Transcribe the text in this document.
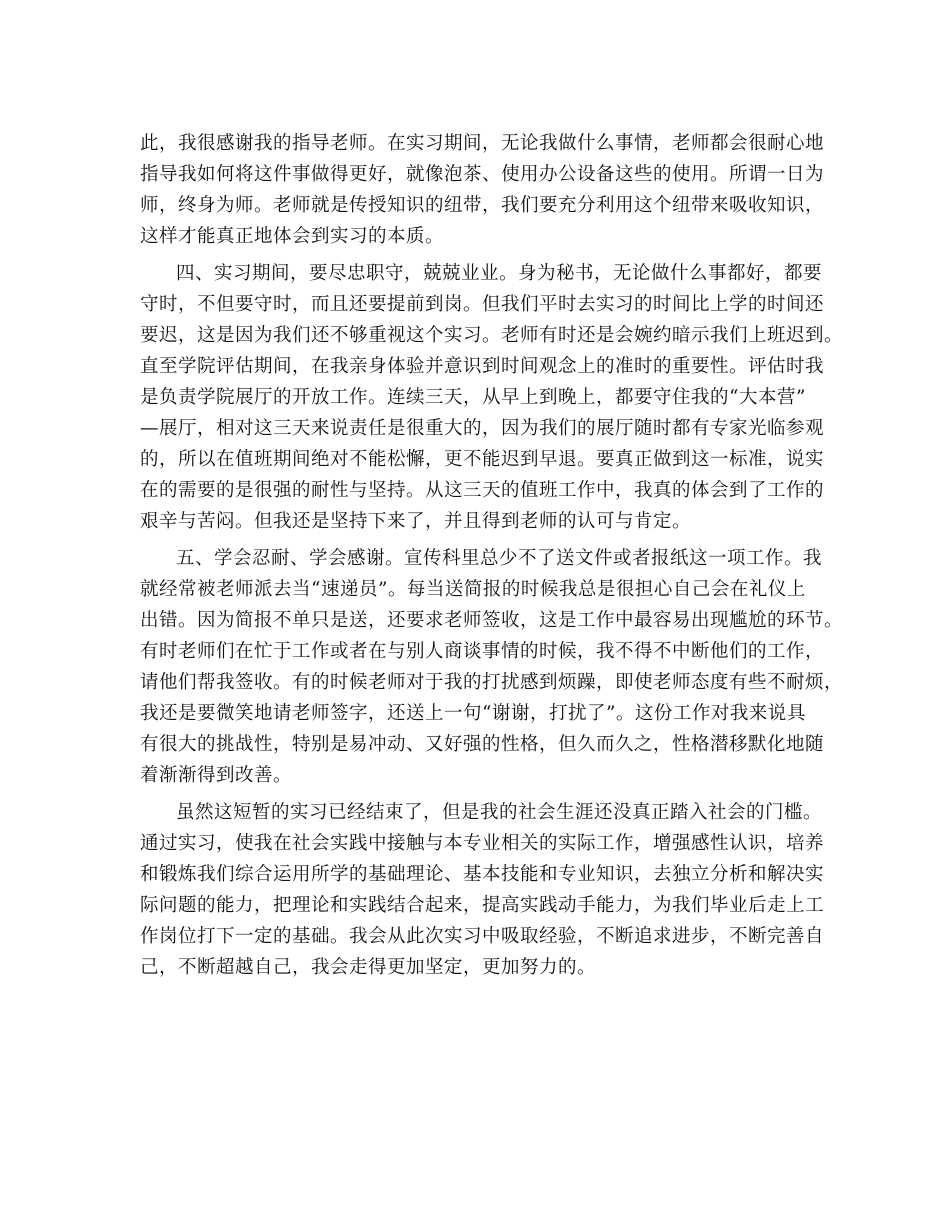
此，我很感谢我的指导老师。在实习期间，无论我做什么事情，老师都会很耐心地
指导我如何将这件事做得更好，就像泡茶、使用办公设备这些的使用。所谓一日为
师，终身为师。老师就是传授知识的纽带，我们要充分利用这个纽带来吸收知识，
这样才能真正地体会到实习的本质。
四、实习期间，要尽忠职守，兢兢业业。身为秘书，无论做什么事都好，都要
守时，不但要守时，而且还要提前到岗。但我们平时去实习的时间比上学的时间还
要迟，这是因为我们还不够重视这个实习。老师有时还是会婉约暗示我们上班迟到。
直至学院评估期间，在我亲身体验并意识到时间观念上的准时的重要性。评估时我
是负责学院展厅的开放工作。连续三天，从早上到晚上，都要守住我的“大本营”
—展厅，相对这三天来说责任是很重大的，因为我们的展厅随时都有专家光临参观
的，所以在值班期间绝对不能松懈，更不能迟到早退。要真正做到这一标准，说实
在的需要的是很强的耐性与坚持。从这三天的值班工作中，我真的体会到了工作的
艰辛与苦闷。但我还是坚持下来了，并且得到老师的认可与肯定。
五、学会忍耐、学会感谢。宣传科里总少不了送文件或者报纸这一项工作。我
就经常被老师派去当“速递员”。每当送简报的时候我总是很担心自己会在礼仪上
出错。因为简报不单只是送，还要求老师签收，这是工作中最容易出现尴尬的环节。
有时老师们在忙于工作或者在与别人商谈事情的时候，我不得不中断他们的工作，
请他们帮我签收。有的时候老师对于我的打扰感到烦躁，即使老师态度有些不耐烦，
我还是要微笑地请老师签字，还送上一句“谢谢，打扰了”。这份工作对我来说具
有很大的挑战性，特别是易冲动、又好强的性格，但久而久之，性格潜移默化地随
着渐渐得到改善。
虽然这短暂的实习已经结束了，但是我的社会生涯还没真正踏入社会的门槛。
通过实习，使我在社会实践中接触与本专业相关的实际工作，增强感性认识，培养
和锻炼我们综合运用所学的基础理论、基本技能和专业知识，去独立分析和解决实
际问题的能力，把理论和实践结合起来，提高实践动手能力，为我们毕业后走上工
作岗位打下一定的基础。我会从此次实习中吸取经验，不断追求进步，不断完善自
己，不断超越自己，我会走得更加坚定，更加努力的。
